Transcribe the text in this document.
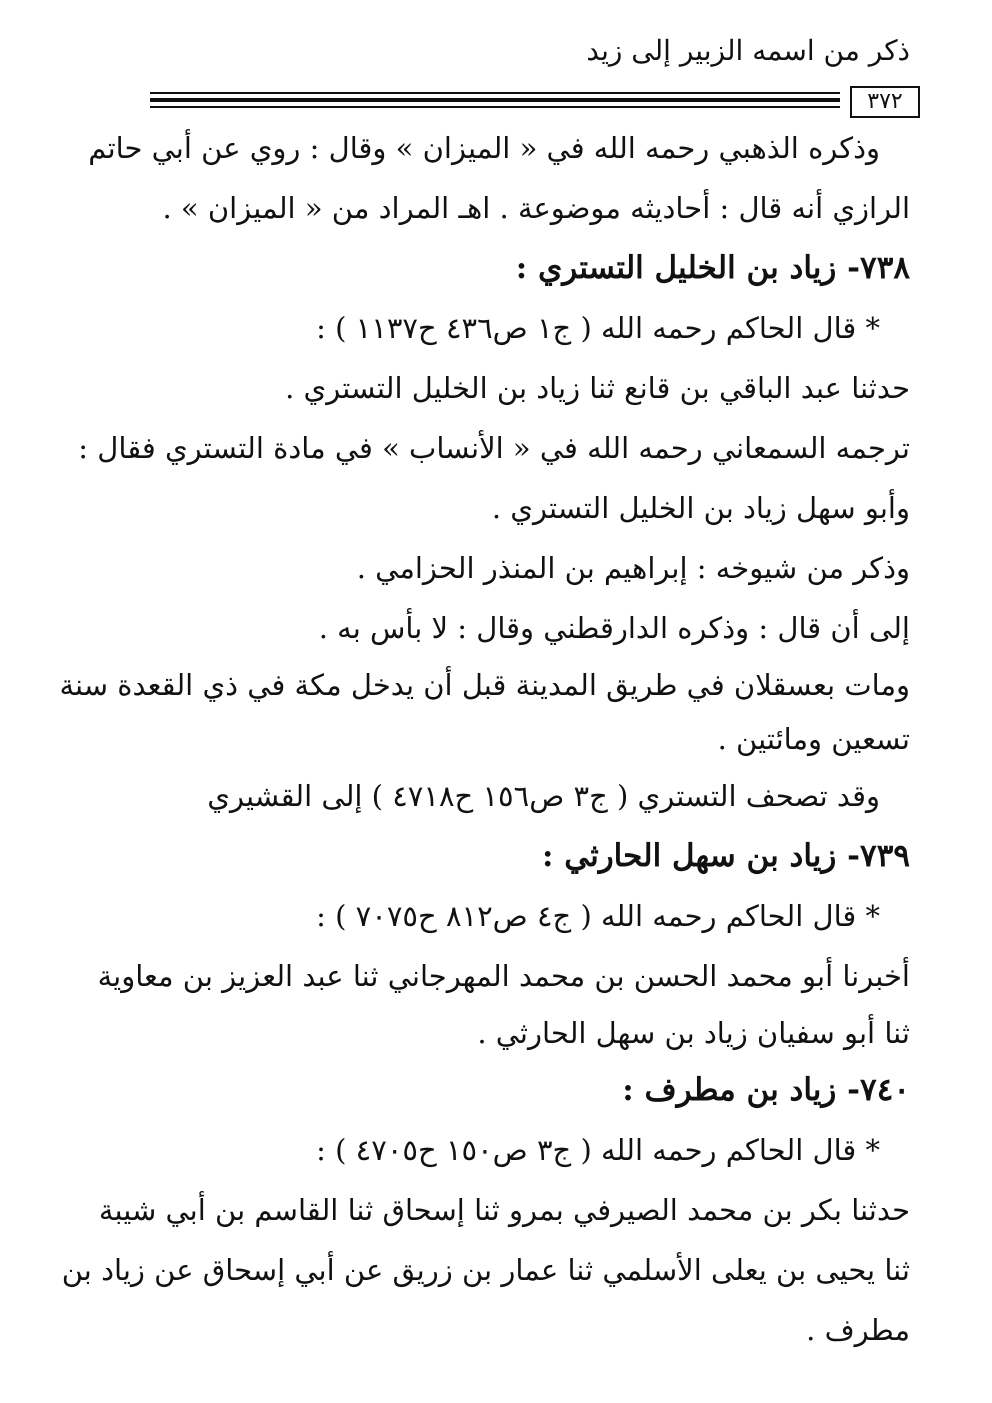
ذكر من اسمه الزبير إلى زيد
٣٧٢
وذكره الذهبي رحمه الله في « الميزان » وقال : روي عن أبي حاتم
الرازي أنه قال : أحاديثه موضوعة . اهـ المراد من « الميزان » .
٧٣٨- زياد بن الخليل التستري :
* قال الحاكم رحمه الله ( ج١ ص٤٣٦ ح١١٣٧ ) :
حدثنا عبد الباقي بن قانع ثنا زياد بن الخليل التستري .
ترجمه السمعاني رحمه الله في « الأنساب » في مادة التستري فقال :
وأبو سهل زياد بن الخليل التستري .
وذكر من شيوخه : إبراهيم بن المنذر الحزامي .
إلى أن قال : وذكره الدارقطني وقال : لا بأس به .
ومات بعسقلان في طريق المدينة قبل أن يدخل مكة في ذي القعدة سنة
تسعين ومائتين .
وقد تصحف التستري ( ج٣ ص١٥٦ ح٤٧١٨ ) إلى القشيري
٧٣٩- زياد بن سهل الحارثي :
* قال الحاكم رحمه الله ( ج٤ ص٨١٢ ح٧٠٧٥ ) :
أخبرنا أبو محمد الحسن بن محمد المهرجاني ثنا عبد العزيز بن معاوية
ثنا أبو سفيان زياد بن سهل الحارثي .
٧٤٠- زياد بن مطرف :
* قال الحاكم رحمه الله ( ج٣ ص١٥٠ ح٤٧٠٥ ) :
حدثنا بكر بن محمد الصيرفي بمرو ثنا إسحاق ثنا القاسم بن أبي شيبة
ثنا يحيى بن يعلى الأسلمي ثنا عمار بن زريق عن أبي إسحاق عن زياد بن
مطرف .
